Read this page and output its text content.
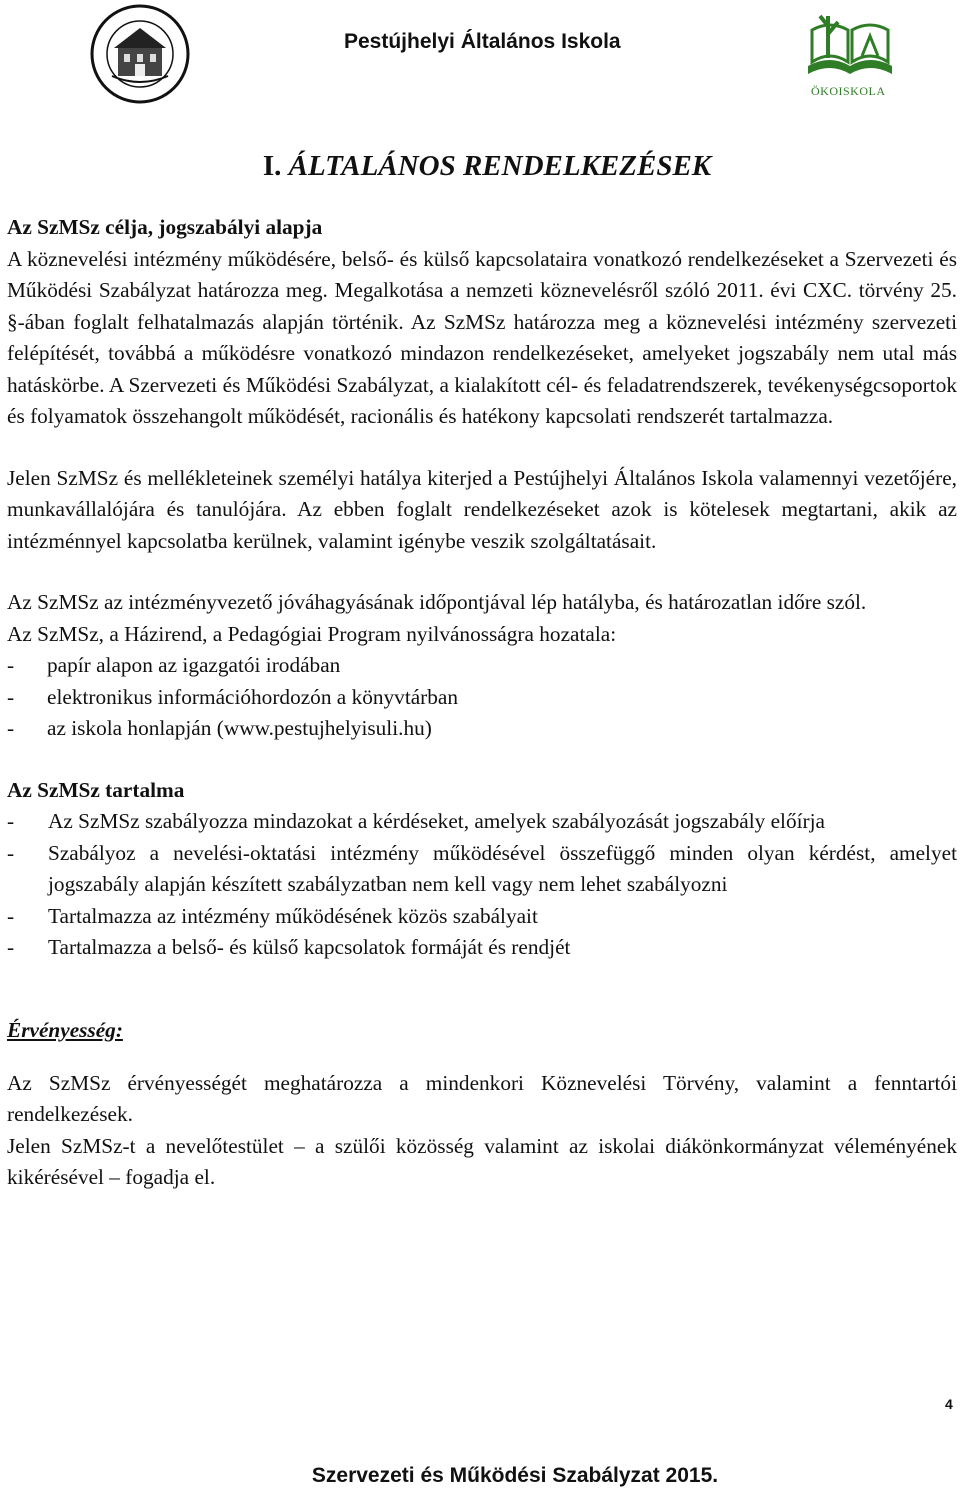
Pestújhelyi Általános Iskola
ÖKOISKOLA
I. ÁLTALÁNOS RENDELKEZÉSEK

Az SzMSz célja, jogszabályi alapja

A köznevelési intézmény működésére, belső- és külső kapcsolataira vonatkozó rendelkezéseket a Szervezeti és Működési Szabályzat határozza meg. Megalkotása a nemzeti köznevelésről szóló 2011. évi CXC. törvény 25. §-ában foglalt felhatalmazás alapján történik. Az SzMSz határozza meg a köznevelési intézmény szervezeti felépítését, továbbá a működésre vonatkozó mindazon rendelkezéseket, amelyeket jogszabály nem utal más hatáskörbe. A Szervezeti és Működési Szabályzat, a kialakított cél- és feladatrendszerek, tevékenységcsoportok és folyamatok összehangolt működését, racionális és hatékony kapcsolati rendszerét tartalmazza.

Jelen SzMSz és mellékleteinek személyi hatálya kiterjed a Pestújhelyi Általános Iskola valamennyi vezetőjére, munkavállalójára és tanulójára. Az ebben foglalt rendelkezéseket azok is kötelesek megtartani, akik az intézménnyel kapcsolatba kerülnek, valamint igénybe veszik szolgáltatásait.

Az SzMSz az intézményvezető jóváhagyásának időpontjával lép hatályba, és határozatlan időre szól.

Az SzMSz, a Házirend, a Pedagógiai Program nyilvánosságra hozatala:

-	papír alapon az igazgatói irodában
-	elektronikus információhordozón a könyvtárban
-	az iskola honlapján (www.pestujhelyisuli.hu)

Az SzMSz tartalma

-	Az SzMSz szabályozza mindazokat a kérdéseket, amelyek szabályozását jogszabály előírja
-	Szabályoz a nevelési-oktatási intézmény működésével összefüggő minden olyan kérdést, amelyet jogszabály alapján készített szabályzatban nem kell vagy nem lehet szabályozni
-	Tartalmazza az intézmény működésének közös szabályait
-	Tartalmazza a belső- és külső kapcsolatok formáját és rendjét

Érvényesség:

Az SzMSz érvényességét meghatározza a mindenkori Köznevelési Törvény, valamint a fenntartói rendelkezések.

Jelen SzMSz-t a nevelőtestület – a szülői közösség valamint az iskolai diákönkormányzat véleményének kikérésével – fogadja el.

4
Szervezeti és Működési Szabályzat 2015.
